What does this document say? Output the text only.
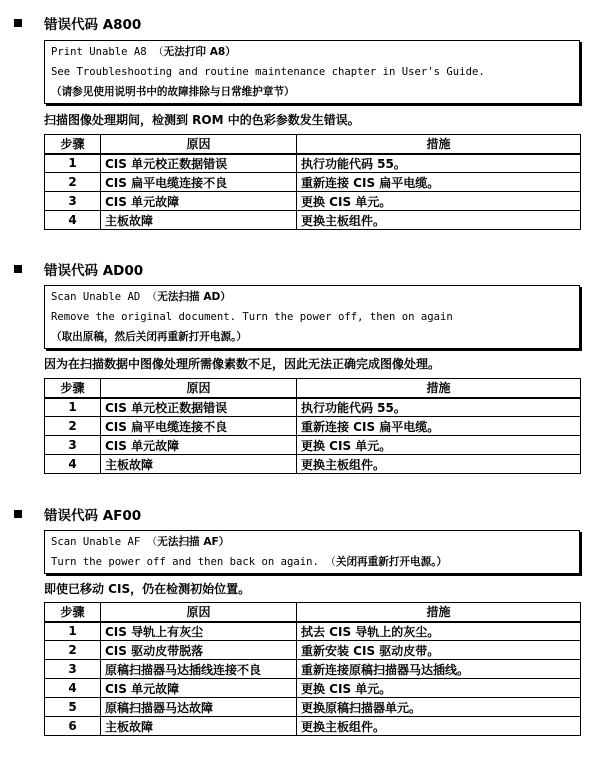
错误代码 A800
Print Unable A8 （无法打印 A8）
See Troubleshooting and routine maintenance chapter in User's Guide.
（请参见使用说明书中的故障排除与日常维护章节）
扫描图像处理期间，检测到 ROM 中的色彩参数发生错误。
步骤	原因	措施
1	CIS 单元校正数据错误	执行功能代码 55。
2	CIS 扁平电缆连接不良	重新连接 CIS 扁平电缆。
3	CIS 单元故障	更换 CIS 单元。
4	主板故障	更换主板组件。
错误代码 AD00
Scan Unable AD （无法扫描 AD）
Remove the original document. Turn the power off, then on again
（取出原稿，然后关闭再重新打开电源。）
因为在扫描数据中图像处理所需像素数不足，因此无法正确完成图像处理。
步骤	原因	措施
1	CIS 单元校正数据错误	执行功能代码 55。
2	CIS 扁平电缆连接不良	重新连接 CIS 扁平电缆。
3	CIS 单元故障	更换 CIS 单元。
4	主板故障	更换主板组件。
错误代码 AF00
Scan Unable AF （无法扫描 AF）
Turn the power off and then back on again. （关闭再重新打开电源。）
即使已移动 CIS，仍在检测初始位置。
步骤	原因	措施
1	CIS 导轨上有灰尘	拭去 CIS 导轨上的灰尘。
2	CIS 驱动皮带脱落	重新安装 CIS 驱动皮带。
3	原稿扫描器马达插线连接不良	重新连接原稿扫描器马达插线。
4	CIS 单元故障	更换 CIS 单元。
5	原稿扫描器马达故障	更换原稿扫描器单元。
6	主板故障	更换主板组件。
